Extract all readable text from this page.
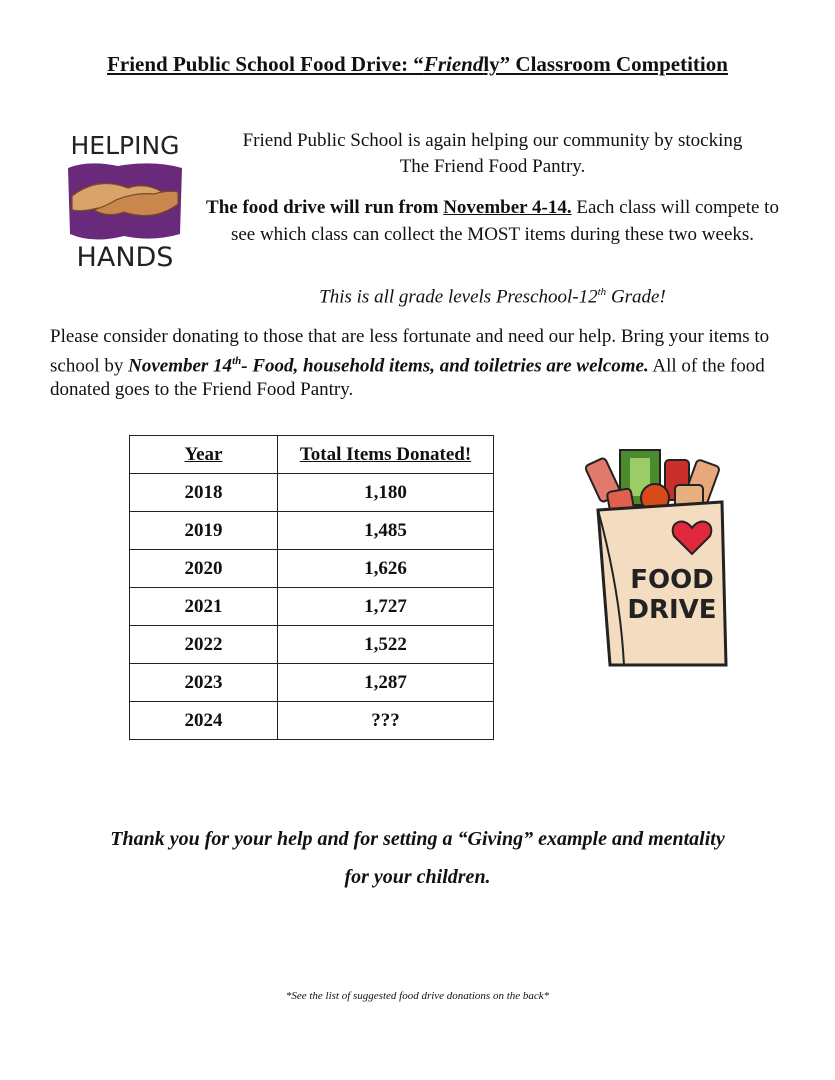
Friend Public School Food Drive: “Friendly” Classroom Competition
HELPING
HANDS
Friend Public School is again helping our community by stocking
The Friend Food Pantry.
The food drive will run from November 4-14. Each class will compete to see which class can collect the MOST items during these two weeks.
This is all grade levels Preschool-12th Grade!
Please consider donating to those that are less fortunate and need our help. Bring your items to school by November 14th- Food, household items, and toiletries are welcome. All of the food donated goes to the Friend Food Pantry.
Year	Total Items Donated!
2018	1,180
2019	1,485
2020	1,626
2021	1,727
2022	1,522
2023	1,287
2024	???
FOOD
DRIVE
Thank you for your help and for setting a “Giving” example and mentality
for your children.
*See the list of suggested food drive donations on the back*
